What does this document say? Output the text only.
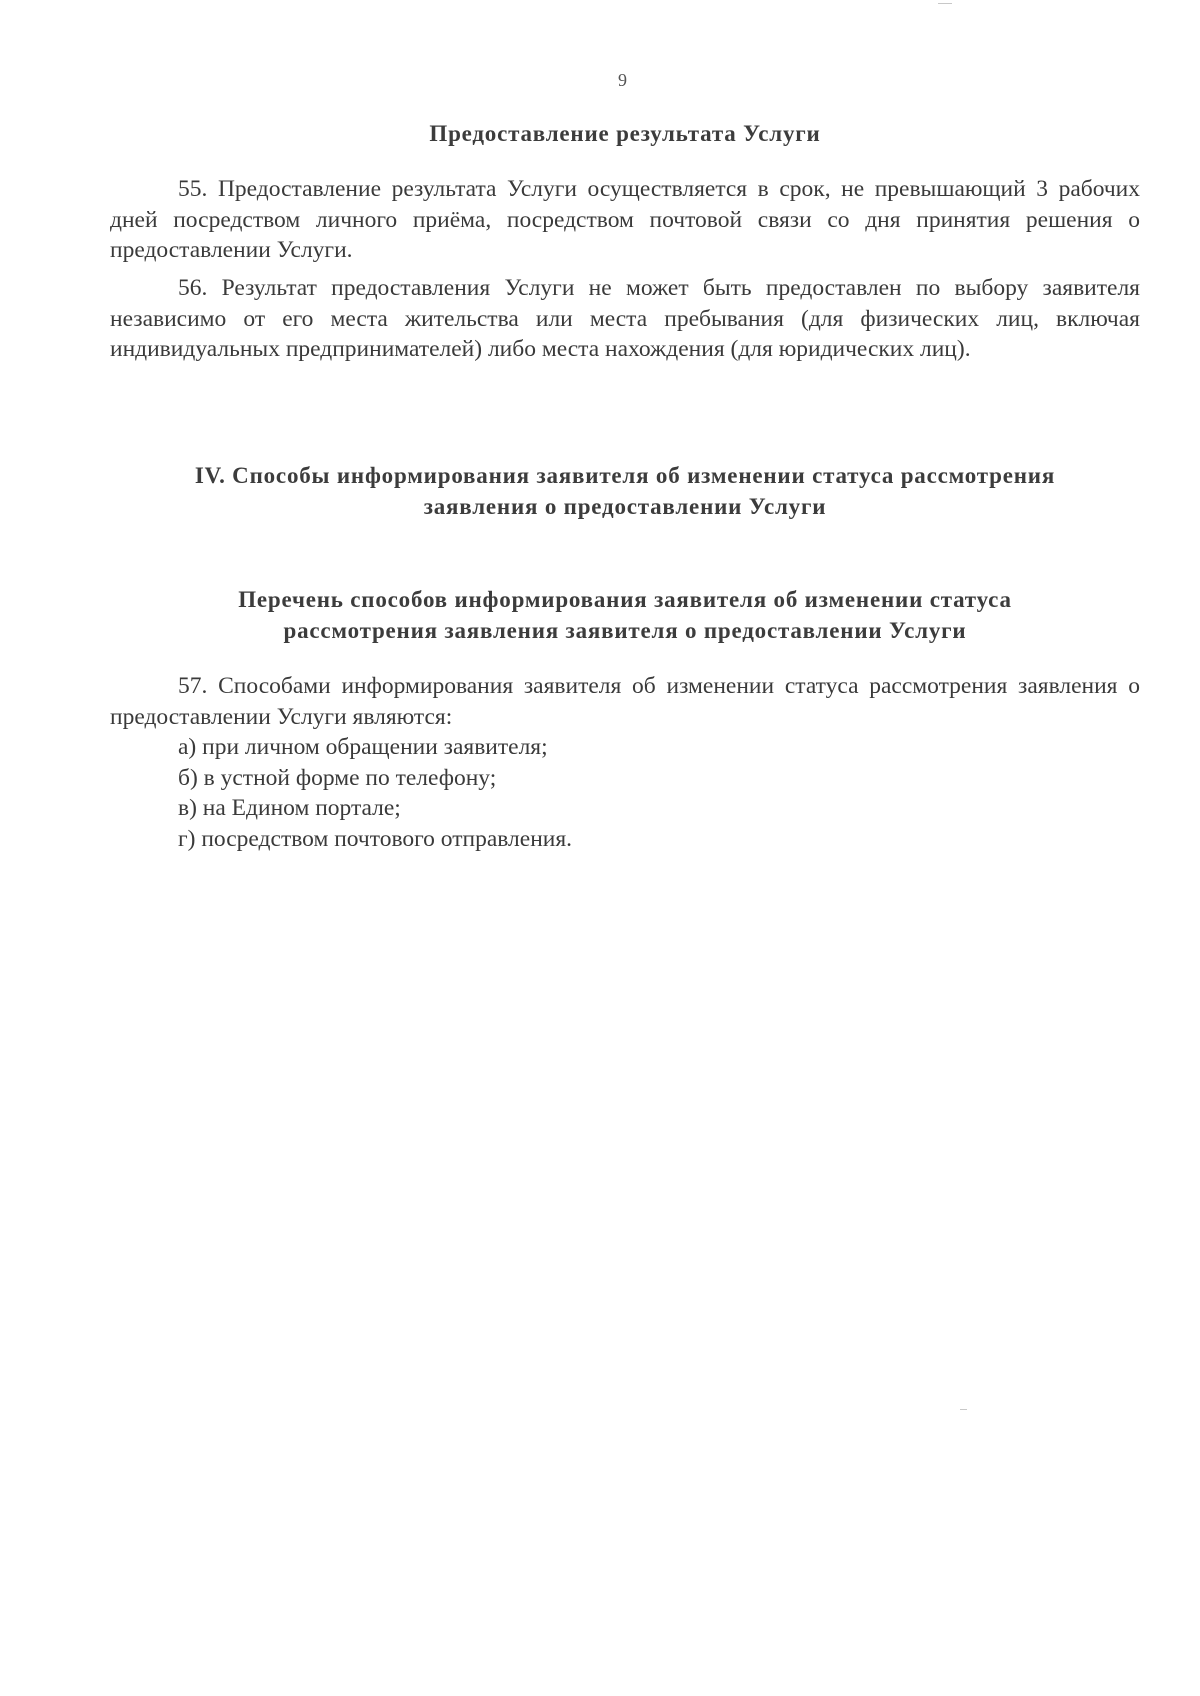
9
Предоставление результата Услуги

55. Предоставление результата Услуги осуществляется в срок, не превышающий 3 рабочих дней посредством личного приёма, посредством почтовой связи со дня принятия решения о предоставлении Услуги.

56. Результат предоставления Услуги не может быть предоставлен по выбору заявителя независимо от его места жительства или места пребывания (для физических лиц, включая индивидуальных предпринимателей) либо места нахождения (для юридических лиц).

IV. Способы информирования заявителя об изменении статуса рассмотрения
заявления о предоставлении Услуги
Перечень способов информирования заявителя об изменении статуса
рассмотрения заявления заявителя о предоставлении Услуги

57. Способами информирования заявителя об изменении статуса рассмотрения заявления о предоставлении Услуги являются:

а) при личном обращении заявителя;
б) в устной форме по телефону;
в) на Едином портале;
г) посредством почтового отправления.
